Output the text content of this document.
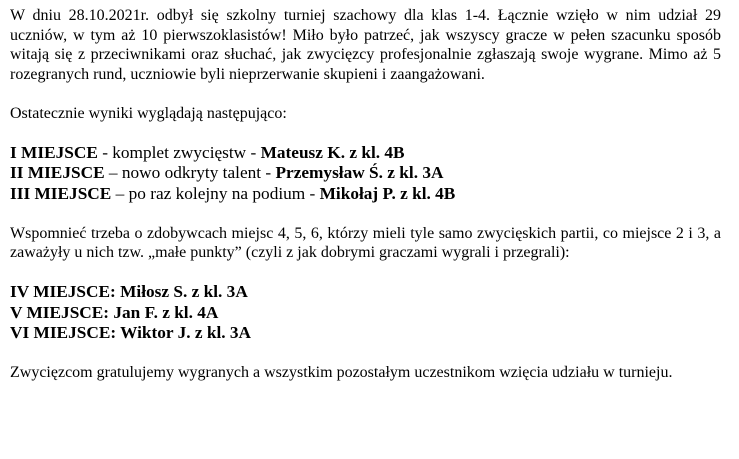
W dniu 28.10.2021r. odbył się szkolny turniej szachowy dla klas 1-4. Łącznie wzięło w nim udział 29 uczniów, w tym aż 10 pierwszoklasistów! Miło było patrzeć, jak wszyscy gracze w pełen szacunku sposób witają się z przeciwnikami oraz słuchać, jak zwycięzcy profesjonalnie zgłaszają swoje wygrane. Mimo aż 5 rozegranych rund, uczniowie byli nieprzerwanie skupieni i zaangażowani.

Ostatecznie wyniki wyglądają następująco:

I MIEJSCE - komplet zwycięstw - Mateusz K. z kl. 4B

II MIEJSCE – nowo odkryty talent - Przemysław Ś. z kl. 3A

III MIEJSCE – po raz kolejny na podium - Mikołaj P. z kl. 4B

Wspomnieć trzeba o zdobywcach miejsc 4, 5, 6, którzy mieli tyle samo zwycięskich partii, co miejsce 2 i 3, a zaważyły u nich tzw. „małe punkty” (czyli z jak dobrymi graczami wygrali i przegrali):

IV MIEJSCE: Miłosz S. z kl. 3A

V MIEJSCE: Jan F. z kl. 4A

VI MIEJSCE: Wiktor J. z kl. 3A

Zwycięzcom gratulujemy wygranych a wszystkim pozostałym uczestnikom wzięcia udziału w turnieju.
